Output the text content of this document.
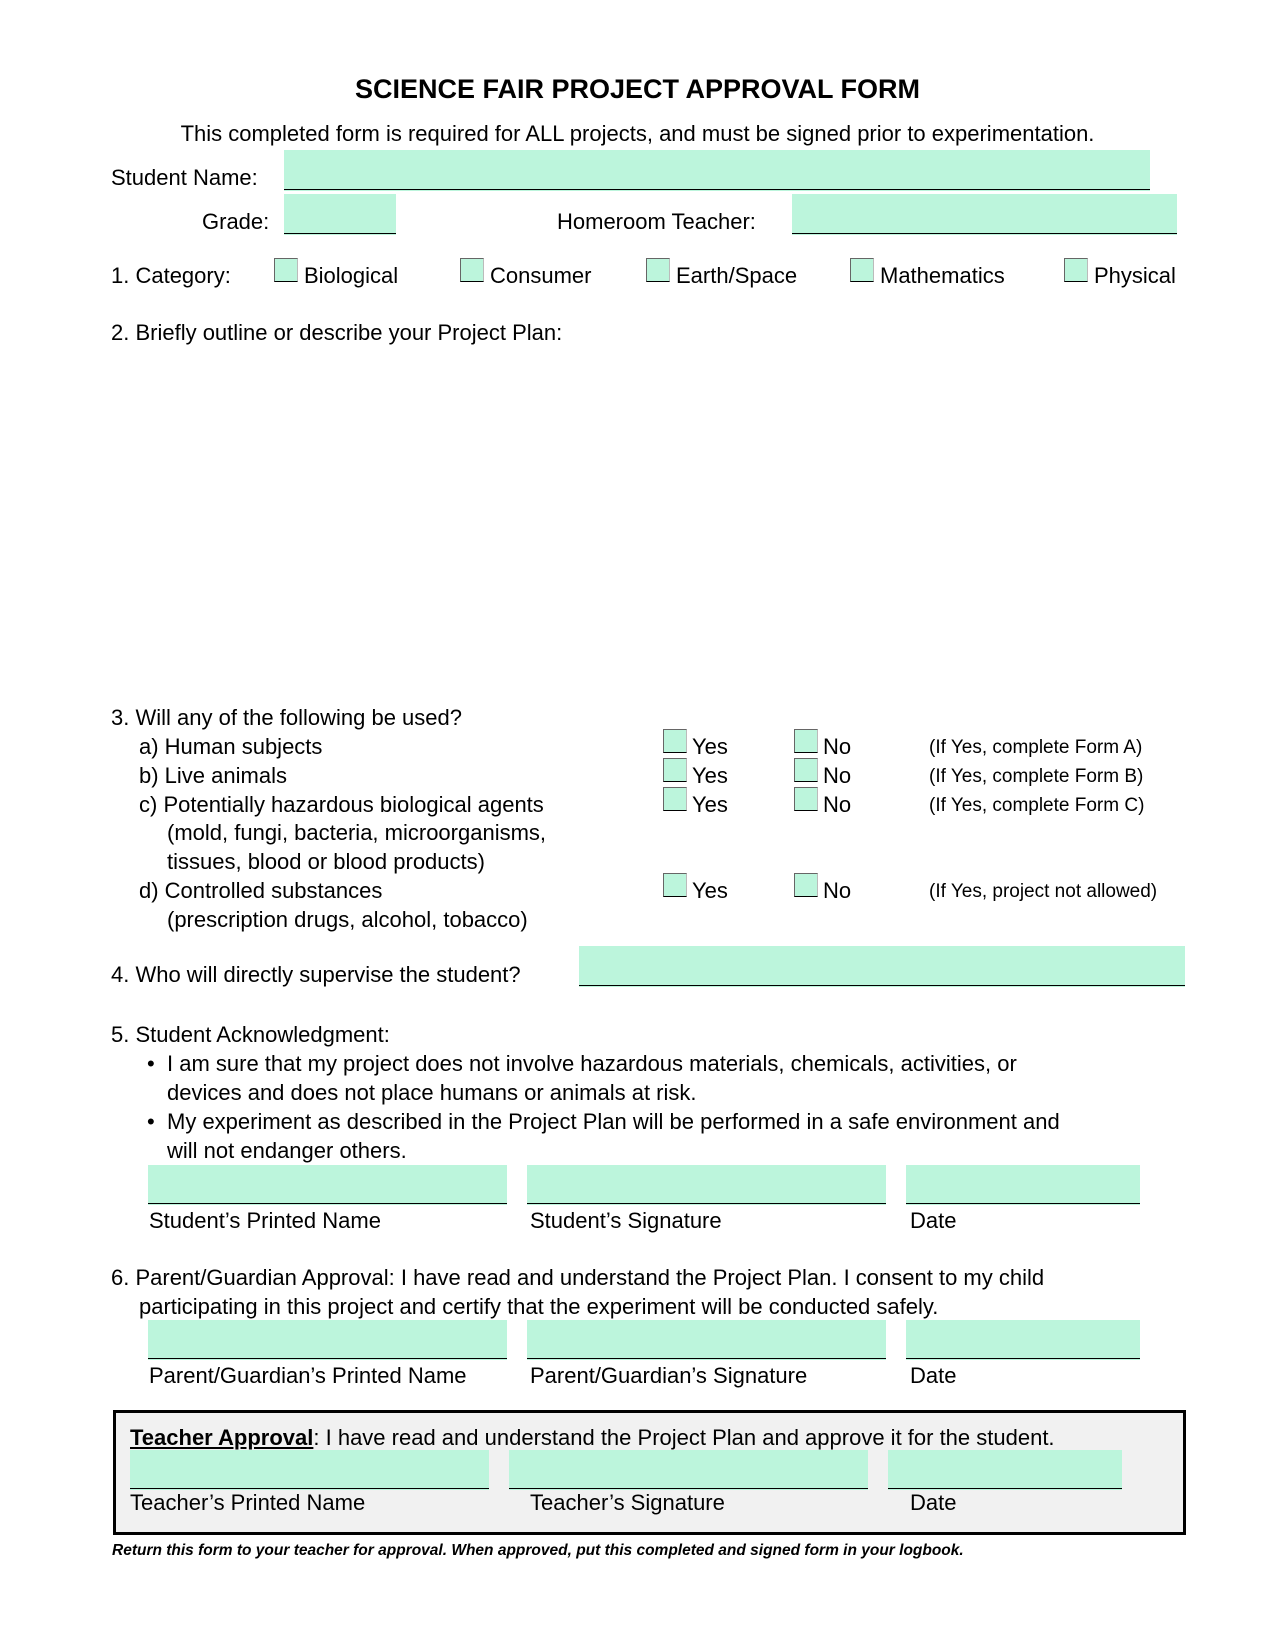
SCIENCE FAIR PROJECT APPROVAL FORM
This completed form is required for ALL projects, and must be signed prior to experimentation.
Student Name:
Grade:	Homeroom Teacher:
1. Category:	Biological	Consumer	Earth/Space	Mathematics	Physical
2. Briefly outline or describe your Project Plan:
3. Will any of the following be used?
a) Human subjects	Yes	No	(If Yes, complete Form A)
b) Live animals	Yes	No	(If Yes, complete Form B)
c) Potentially hazardous biological agents
(mold, fungi, bacteria, microorganisms,
tissues, blood or blood products)
Yes	No	(If Yes, complete Form C)
d) Controlled substances
(prescription drugs, alcohol, tobacco)
Yes	No	(If Yes, project not allowed)
4. Who will directly supervise the student?
5. Student Acknowledgment:
• I am sure that my project does not involve hazardous materials, chemicals, activities, or
devices and does not place humans or animals at risk.
• My experiment as described in the Project Plan will be performed in a safe environment and
will not endanger others.
Student’s Printed Name	Student’s Signature	Date
6. Parent/Guardian Approval: I have read and understand the Project Plan. I consent to my child
participating in this project and certify that the experiment will be conducted safely.
Parent/Guardian’s Printed Name	Parent/Guardian’s Signature	Date
Teacher Approval: I have read and understand the Project Plan and approve it for the student.
Teacher’s Printed Name	Teacher’s Signature	Date
Return this form to your teacher for approval. When approved, put this completed and signed form in your logbook.
